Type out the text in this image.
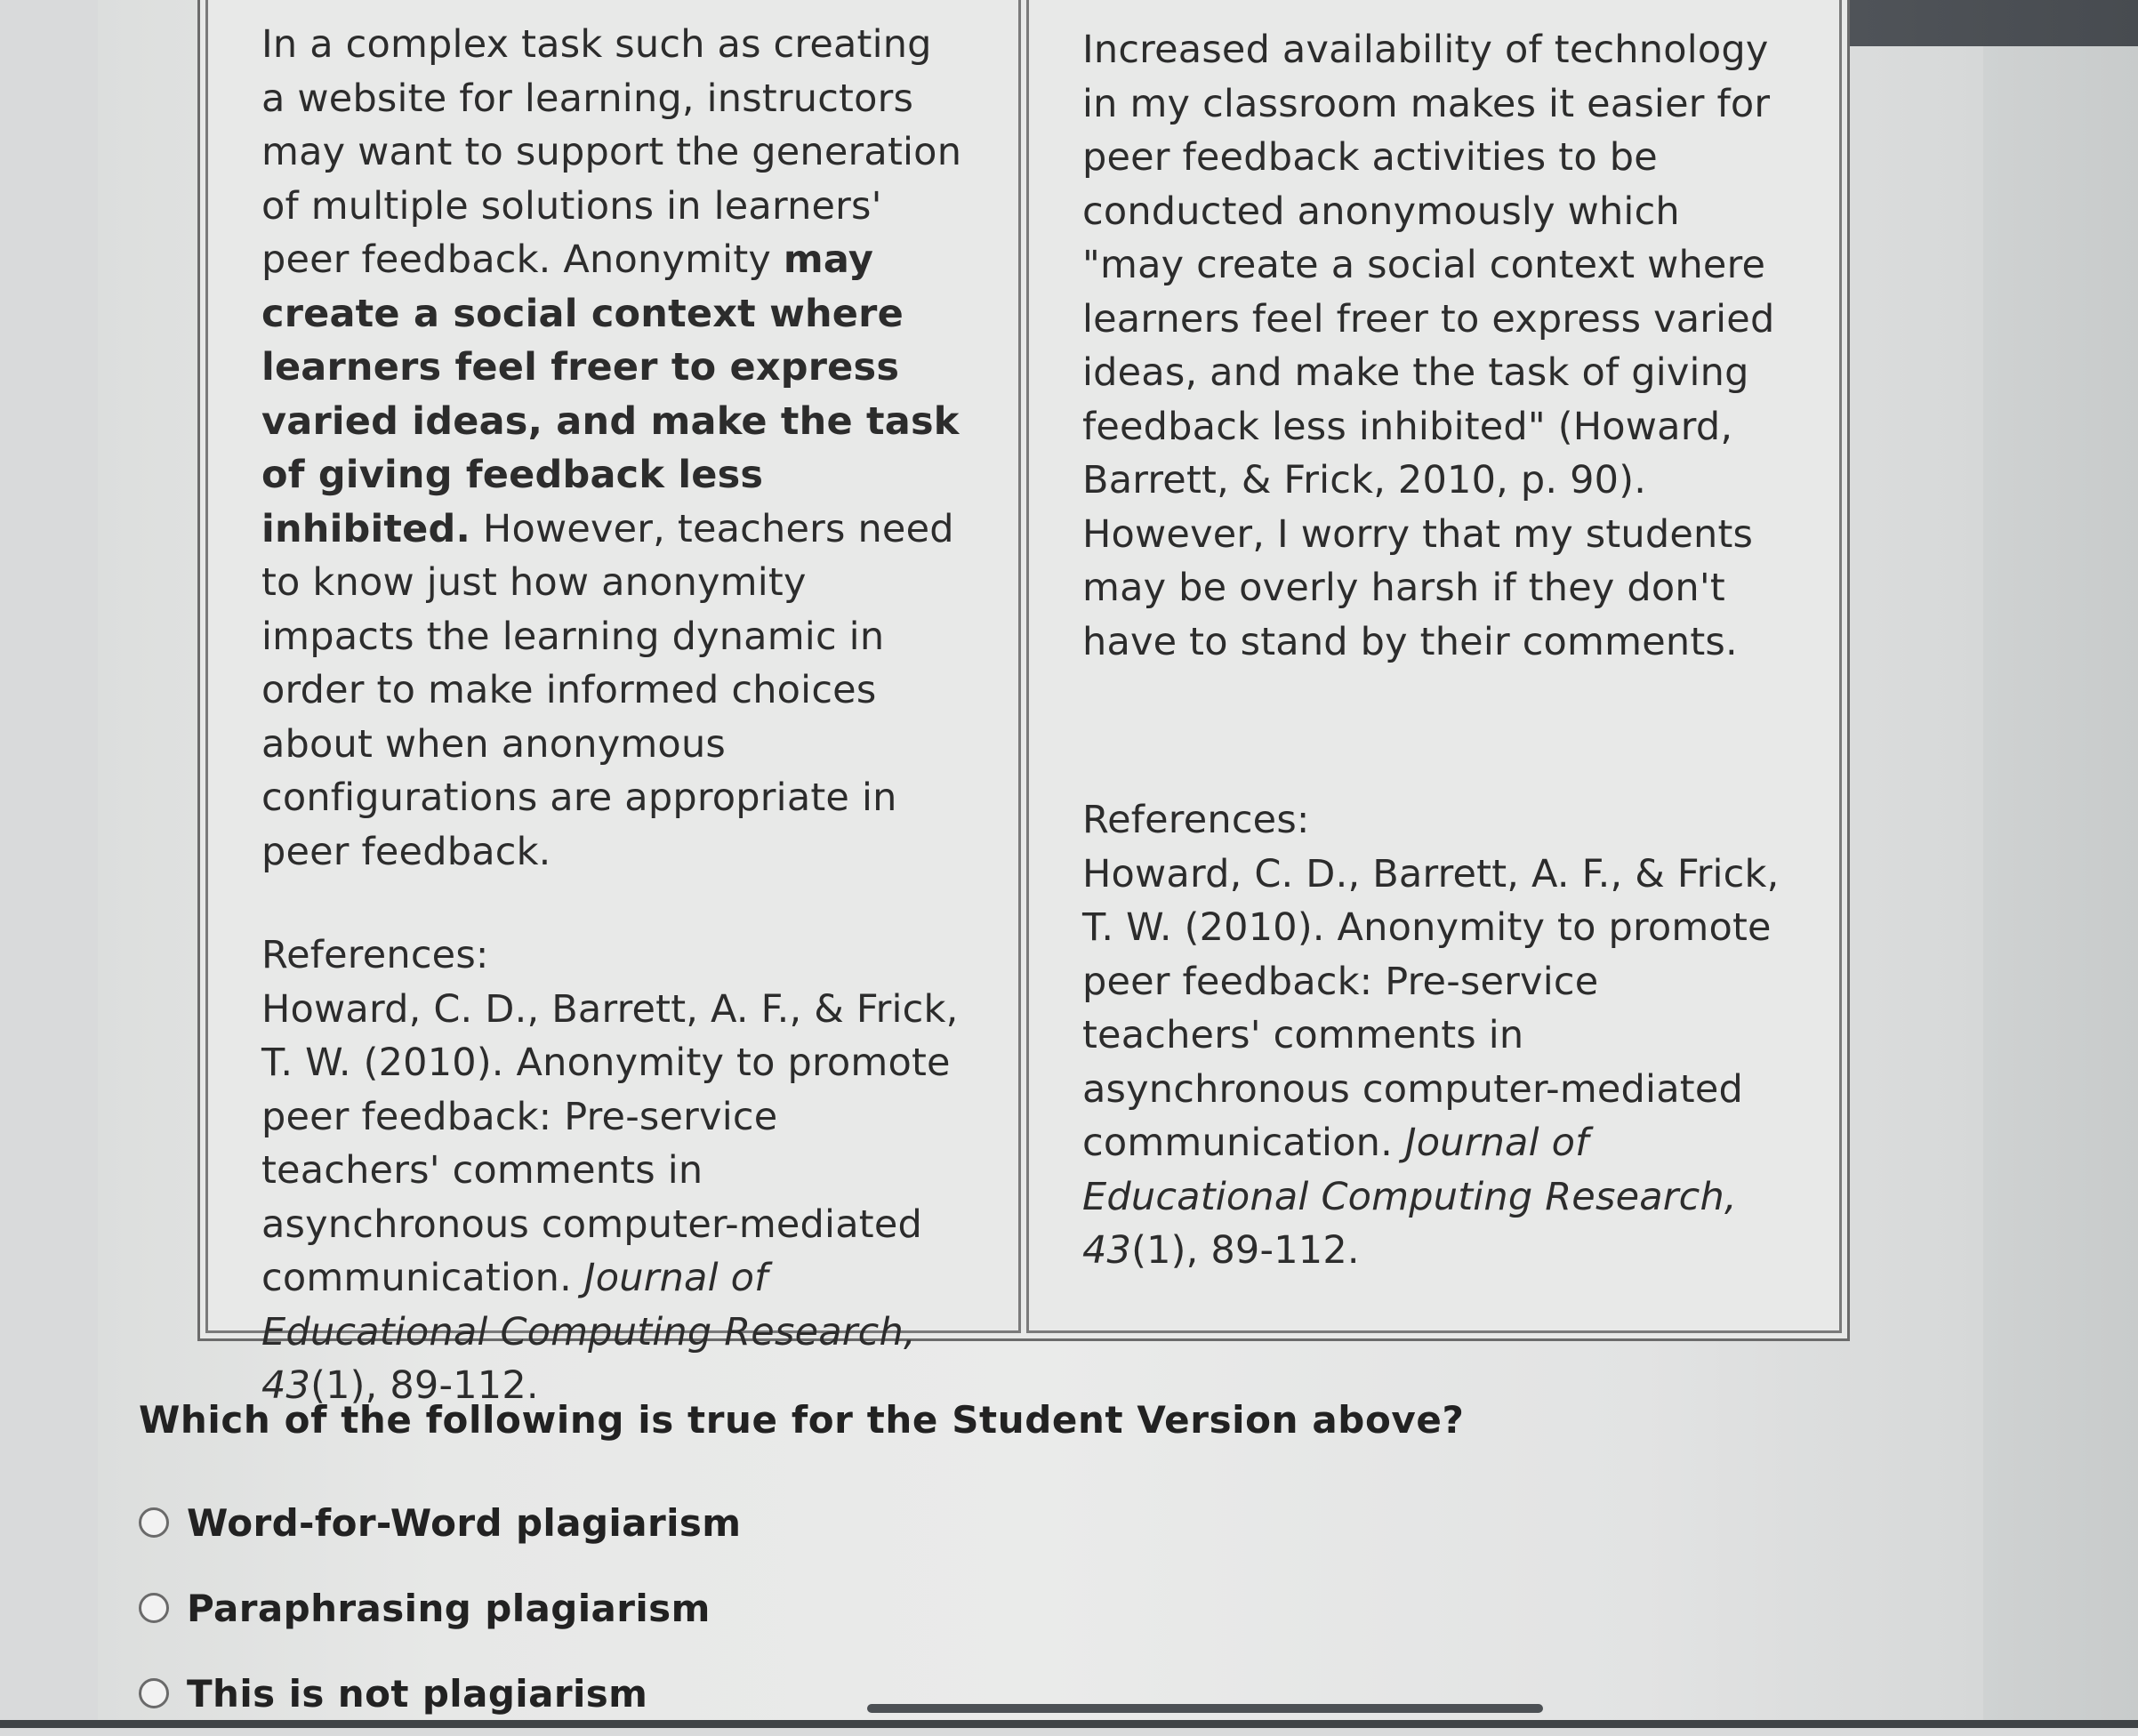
In a complex task such as creating a website for learning, instructors may want to support the generation of multiple solutions in learners' peer feedback. Anonymity may create a social context where learners feel freer to express varied ideas, and make the task of giving feedback less inhibited. However, teachers need to know just how anonymity impacts the learning dynamic in order to make informed choices about when anonymous configurations are appropriate in peer feedback.

References:
Howard, C. D., Barrett, A. F., & Frick, T. W. (2010). Anonymity to promote peer feedback: Pre-service teachers' comments in asynchronous computer-mediated communication. Journal of Educational Computing Research, 43(1), 89-112.

Increased availability of technology in my classroom makes it easier for peer feedback activities to be conducted anonymously which "may create a social context where learners feel freer to express varied ideas, and make the task of giving feedback less inhibited" (Howard, Barrett, & Frick, 2010, p. 90). However, I worry that my students may be overly harsh if they don't have to stand by their comments.

References:
Howard, C. D., Barrett, A. F., & Frick, T. W. (2010). Anonymity to promote peer feedback: Pre-service teachers' comments in asynchronous computer-mediated communication. Journal of Educational Computing Research, 43(1), 89-112.
Which of the following is true for the Student Version above?
Word-for-Word plagiarism
Paraphrasing plagiarism
This is not plagiarism
